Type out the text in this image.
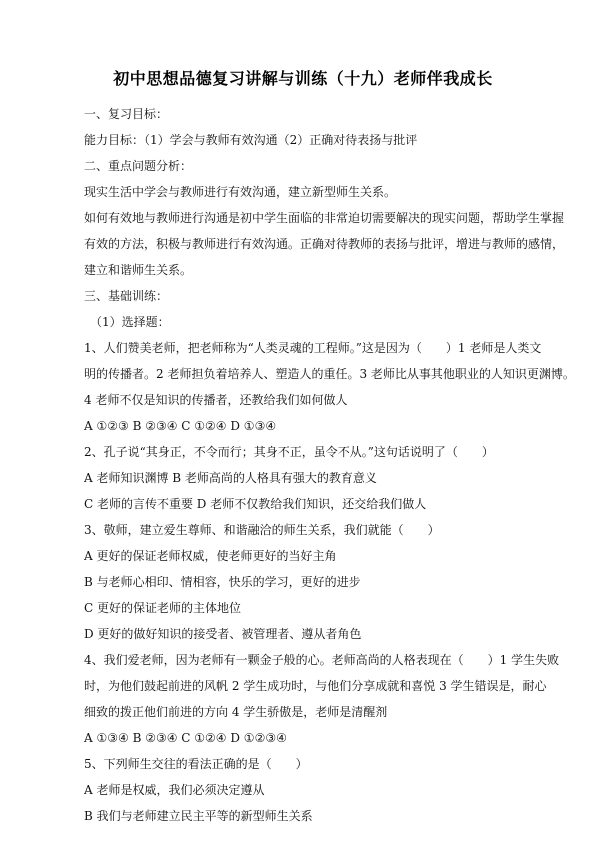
初中思想品德复习讲解与训练（十九）老师伴我成长
一、复习目标：
能力目标：（1）学会与教师有效沟通（2）正确对待表扬与批评
二、重点问题分析：
现实生活中学会与教师进行有效沟通，建立新型师生关系。
如何有效地与教师进行沟通是初中学生面临的非常迫切需要解决的现实问题，帮助学生掌握
有效的方法，积极与教师进行有效沟通。正确对待教师的表扬与批评，增进与教师的感情，
建立和谐师生关系。
三、基础训练：
（1）选择题：
1、人们赞美老师，把老师称为“人类灵魂的工程师。”这是因为（　　）1 老师是人类文
明的传播者。2 老师担负着培养人、塑造人的重任。3 老师比从事其他职业的人知识更渊博。
4 老师不仅是知识的传播者，还教给我们如何做人
A ①②③ B ②③④ C ①②④ D ①③④
2、孔子说“其身正，不令而行；其身不正，虽令不从。”这句话说明了（　　）
A 老师知识渊博 B 老师高尚的人格具有强大的教育意义
C 老师的言传不重要 D 老师不仅教给我们知识，还交给我们做人
3、敬师，建立爱生尊师、和谐融洽的师生关系，我们就能（　　）
A 更好的保证老师权威，使老师更好的当好主角
B 与老师心相印、情相容，快乐的学习，更好的进步
C 更好的保证老师的主体地位
D 更好的做好知识的接受者、被管理者、遵从者角色
4、我们爱老师，因为老师有一颗金子般的心。老师高尚的人格表现在（　　）1 学生失败
时，为他们鼓起前进的风帆 2 学生成功时，与他们分享成就和喜悦 3 学生错误是，耐心
细致的拨正他们前进的方向 4 学生骄傲是，老师是清醒剂
A ①③④ B ②③④ C ①②④ D ①②③④
5、下列师生交往的看法正确的是（　　）
A 老师是权威，我们必须决定遵从
B 我们与老师建立民主平等的新型师生关系
